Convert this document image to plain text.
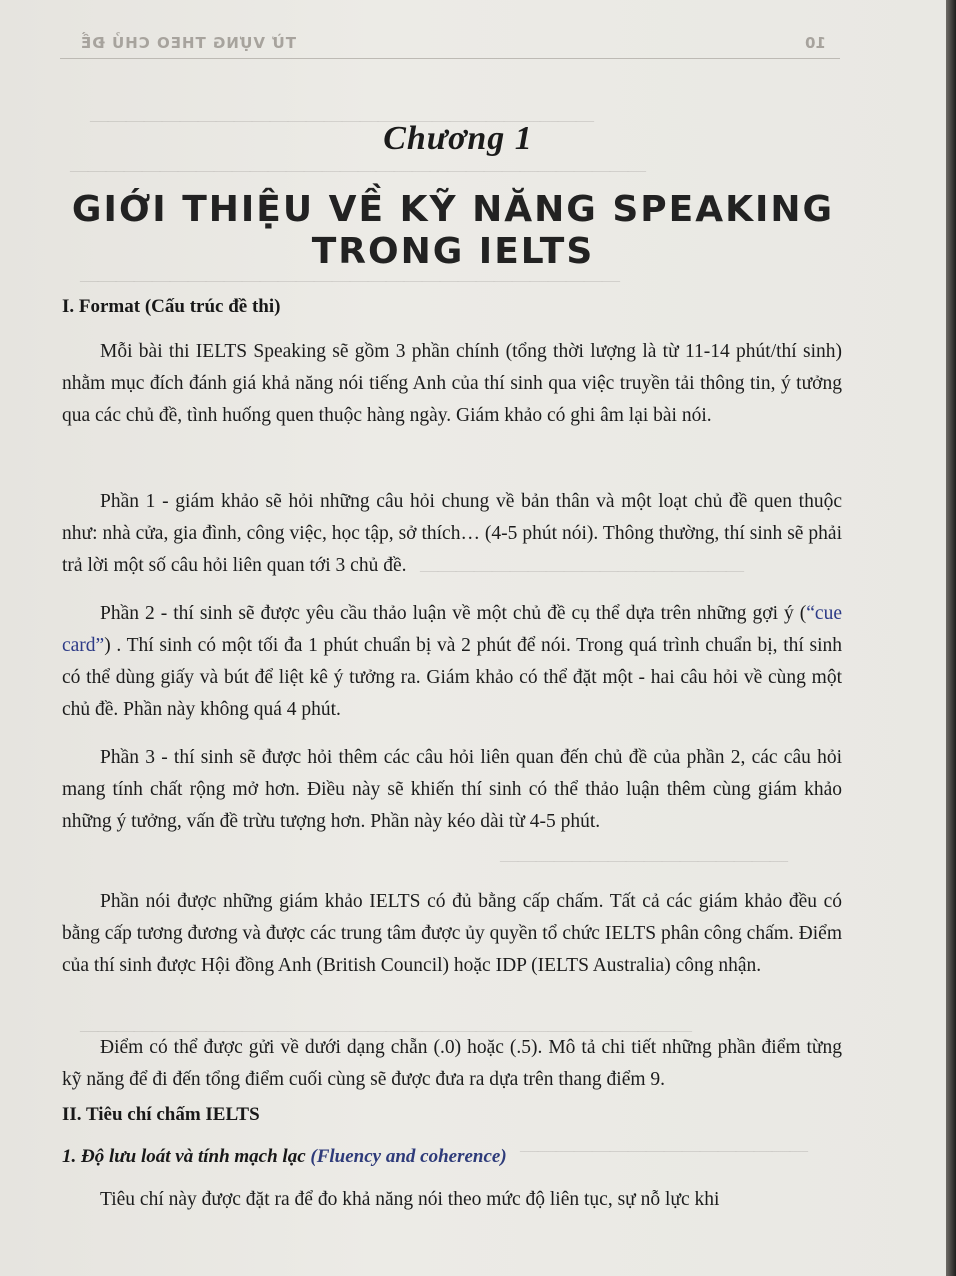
————————————————————————————
————————————————————————————————
——————————————————————————————
——————————————————
————————————————
——————————————————————————————————
————————————————
TỪ VỰNG THEO CHỦ ĐỀ	10
Chương 1
GIỚI THIỆU VỀ KỸ NĂNG SPEAKING
TRONG IELTS
I. Format (Cấu trúc đề thi)

Mỗi bài thi IELTS Speaking sẽ gồm 3 phần chính (tổng thời lượng là từ 11-14 phút/thí sinh) nhằm mục đích đánh giá khả năng nói tiếng Anh của thí sinh qua việc truyền tải thông tin, ý tưởng qua các chủ đề, tình huống quen thuộc hàng ngày. Giám khảo có ghi âm lại bài nói.

Phần 1 - giám khảo sẽ hỏi những câu hỏi chung về bản thân và một loạt chủ đề quen thuộc như: nhà cửa, gia đình, công việc, học tập, sở thích… (4-5 phút nói). Thông thường, thí sinh sẽ phải trả lời một số câu hỏi liên quan tới 3 chủ đề.

Phần 2 - thí sinh sẽ được yêu cầu thảo luận về một chủ đề cụ thể dựa trên những gợi ý (“cue card”) . Thí sinh có một tối đa 1 phút chuẩn bị và 2 phút để nói. Trong quá trình chuẩn bị, thí sinh có thể dùng giấy và bút để liệt kê ý tưởng ra. Giám khảo có thể đặt một - hai câu hỏi về cùng một chủ đề. Phần này không quá 4 phút.

Phần 3 - thí sinh sẽ được hỏi thêm các câu hỏi liên quan đến chủ đề của phần 2, các câu hỏi mang tính chất rộng mở hơn. Điều này sẽ khiến thí sinh có thể thảo luận thêm cùng giám khảo những ý tưởng, vấn đề trừu tượng hơn. Phần này kéo dài từ 4-5 phút.

Phần nói được những giám khảo IELTS có đủ bằng cấp chấm. Tất cả các giám khảo đều có bằng cấp tương đương và được các trung tâm được ủy quyền tổ chức IELTS phân công chấm. Điểm của thí sinh được Hội đồng Anh (British Council) hoặc IDP (IELTS Australia) công nhận.

Điểm có thể được gửi về dưới dạng chẵn (.0) hoặc (.5). Mô tả chi tiết những phần điểm từng kỹ năng để đi đến tổng điểm cuối cùng sẽ được đưa ra dựa trên thang điểm 9.

II. Tiêu chí chấm IELTS
1. Độ lưu loát và tính mạch lạc (Fluency and coherence)

Tiêu chí này được đặt ra để đo khả năng nói theo mức độ liên tục, sự nỗ lực khi
